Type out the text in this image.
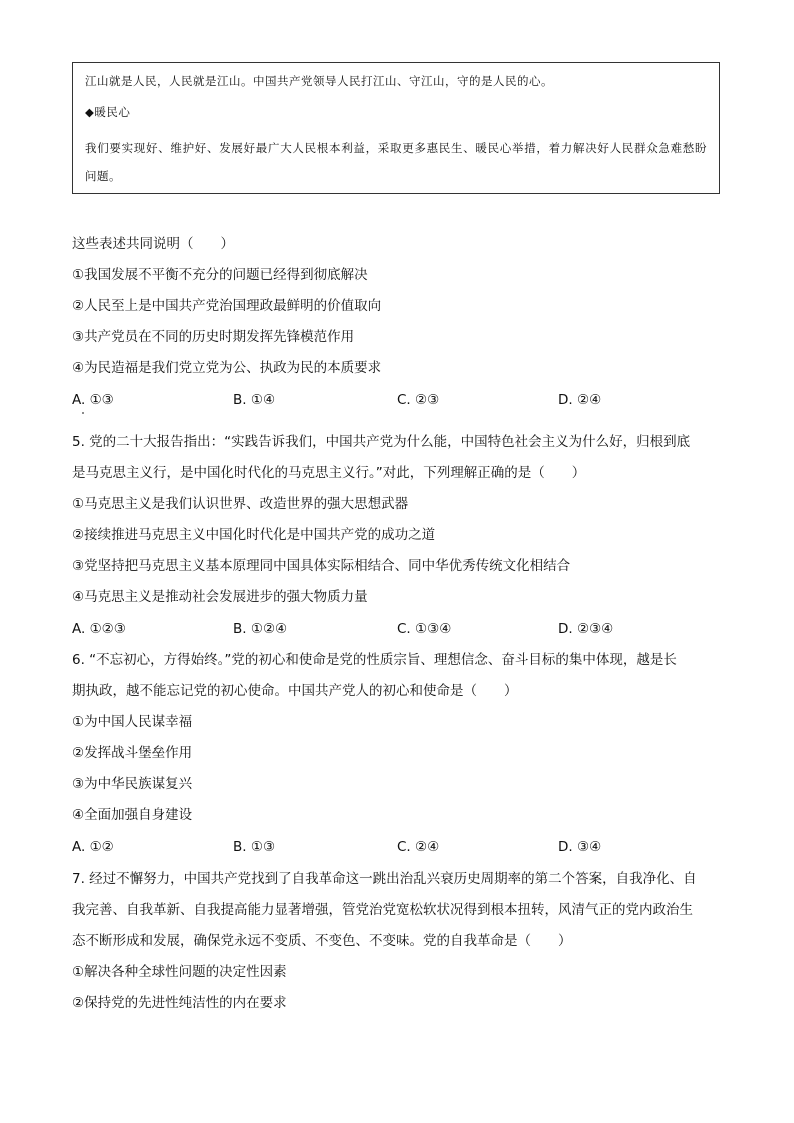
江山就是人民，人民就是江山。中国共产党领导人民打江山、守江山，守的是人民的心。

◆暖民心

我们要实现好、维护好、发展好最广大人民根本利益，采取更多惠民生、暖民心举措，着力解决好人民群众急难愁盼问题。

这些表述共同说明（　　）
①我国发展不平衡不充分的问题已经得到彻底解决
②人民至上是中国共产党治国理政最鲜明的价值取向
③共产党员在不同的历史时期发挥先锋模范作用
④为民造福是我们党立党为公、执政为民的本质要求
A. ①③	B. ①④	C. ②③	D. ②④
5. 党的二十大报告指出：“实践告诉我们，中国共产党为什么能，中国特色社会主义为什么好，归根到底
是马克思主义行，是中国化时代化的马克思主义行。”对此，下列理解正确的是（　　）
①马克思主义是我们认识世界、改造世界的强大思想武器
②接续推进马克思主义中国化时代化是中国共产党的成功之道
③党坚持把马克思主义基本原理同中国具体实际相结合、同中华优秀传统文化相结合
④马克思主义是推动社会发展进步的强大物质力量
A. ①②③	B. ①②④	C. ①③④	D. ②③④
6. “不忘初心，方得始终。”党的初心和使命是党的性质宗旨、理想信念、奋斗目标的集中体现，越是长
期执政，越不能忘记党的初心使命。中国共产党人的初心和使命是（　　）
①为中国人民谋幸福
②发挥战斗堡垒作用
③为中华民族谋复兴
④全面加强自身建设
A. ①②	B. ①③	C. ②④	D. ③④
7. 经过不懈努力，中国共产党找到了自我革命这一跳出治乱兴衰历史周期率的第二个答案，自我净化、自
我完善、自我革新、自我提高能力显著增强，管党治党宽松软状况得到根本扭转，风清气正的党内政治生
态不断形成和发展，确保党永远不变质、不变色、不变味。党的自我革命是（　　）
①解决各种全球性问题的决定性因素
②保持党的先进性纯洁性的内在要求
